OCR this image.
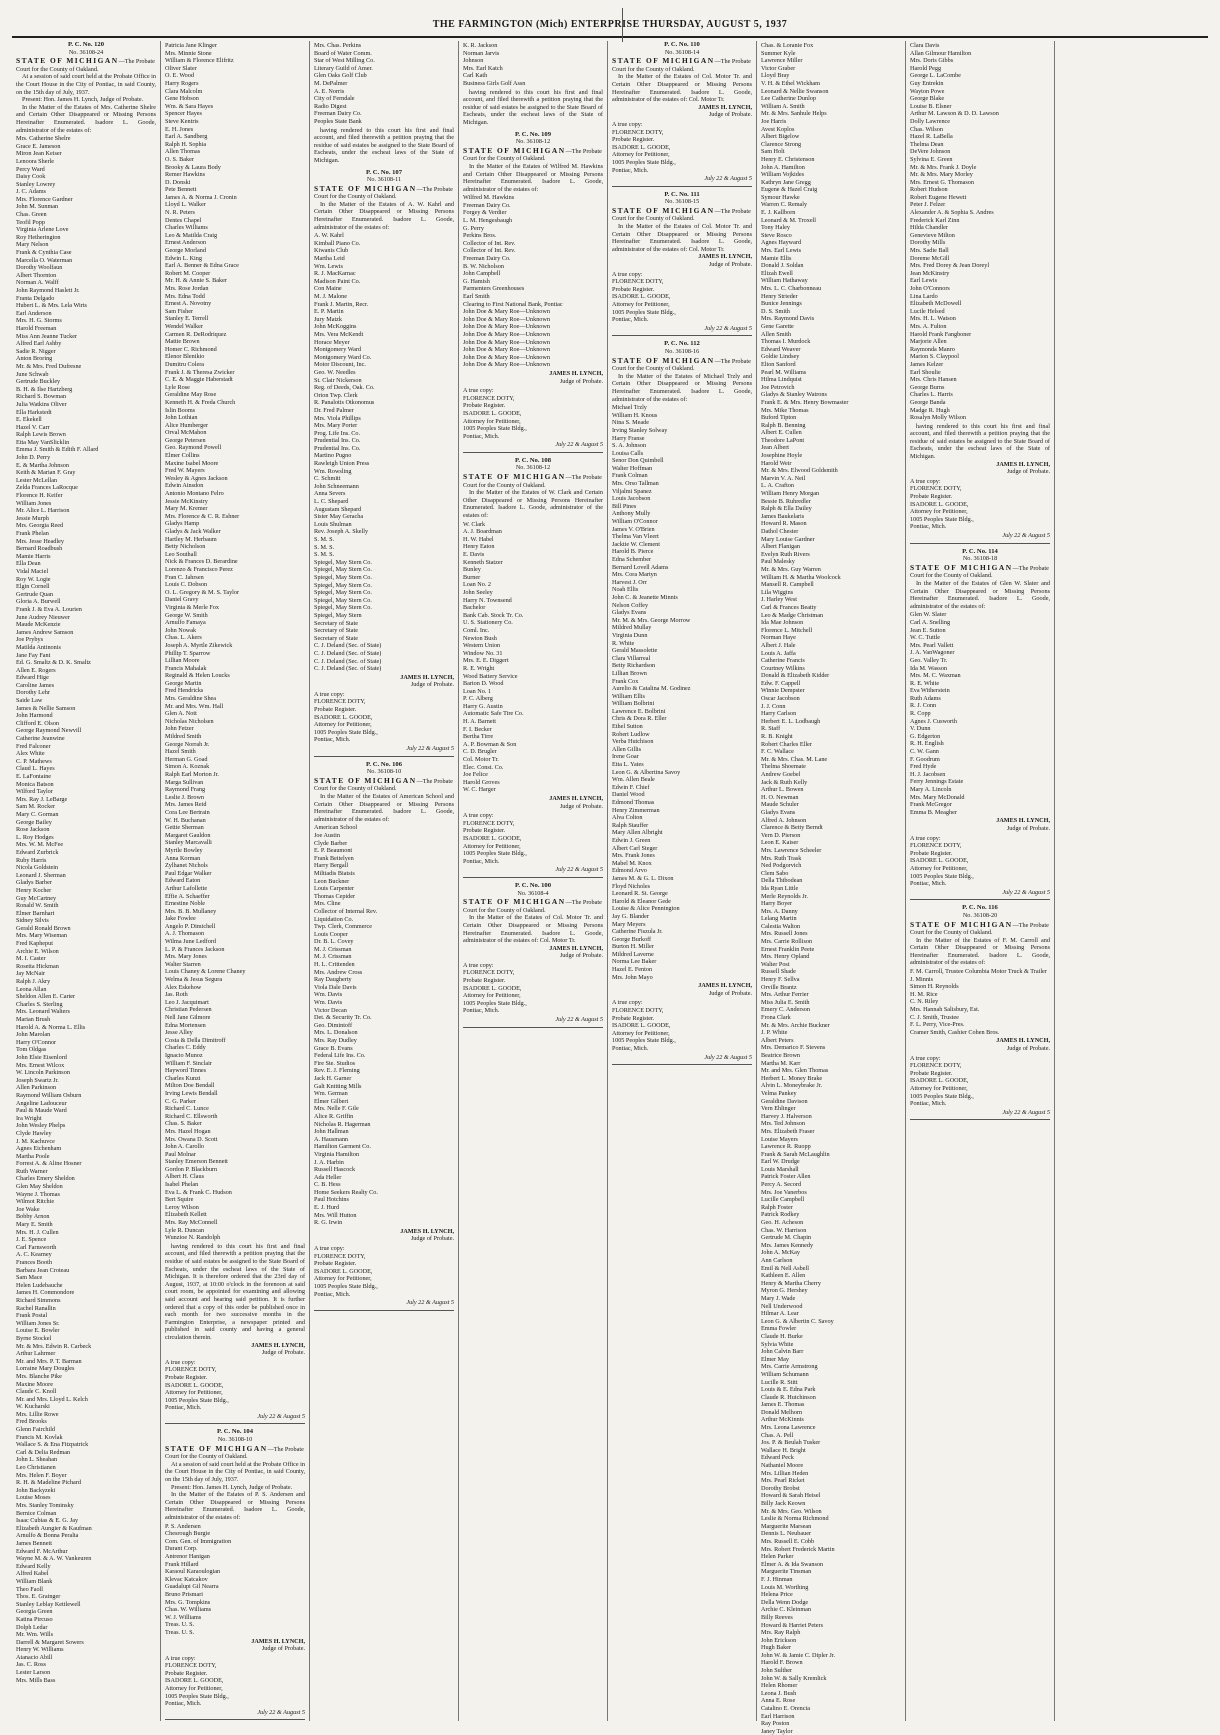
THE FARMINGTON (Mich) ENTERPRISE THURSDAY, AUGUST 5, 1937
P. C. No. 120
No. 36108-24
STATE OF MICHIGAN—The Probate Court for the County of Oakland.
At a session of said court held at the Probate Office in the Court House in the City of Pontiac, in said County, on the 15th day of July, 1937.
Present: Hon. James H. Lynch, Judge of Probate.
In the Matter of the Estates of Mrs. Catherine Shelre and Certain Other Disappeared or Missing Persons Hereinafter Enumerated. Isadore L. Goode, administrator of the estates of:
Mrs. Catherine Shelre
Grace E. Jameson
Miron Jean Keiser
Lenoora Sherle
Percy Ward
Daisy Cook
Stanley Lowrey
J. C. Adams
Mrs. Florence Gardner
John M. Sunman
Chas. Green
Teofil Popp
Virginia Arlene Love
Roy Hetherington
Mary Nelson
Frank & Cynthia Case
Marcella O. Waterman
Dorothy Woolfaun
Albert Thornton
Norman A. Walff
John Raymond Haslett Jr.
Franta Delgado
Hubert L. & Mrs. Lela Wirts
Earl Anderson
Mrs. H. G. Storms
Harold Freeman
Miss Ann Jeanne Tucker
Alfred Earl Ashby
Sadie R. Nigger
Anton Broring
Mr. & Mrs. Fred Dufresne
June Schwab
Gertrude Buckley
B. H. & Ilse Hartzberg
Richard S. Bowman
Julia Watkins Oliver
Ella Harkstedt
E. Ekekell
Hazel V. Carr
Ralph Lewis Brown
Etta May VanSlicklin
Emma J. Smith & Edith F. Allard
John D. Perry
E. & Martha Johnson
Keith & Marian F. Gray
Lester McLellan
Zelda Frances LaRocque
Florence H. Keifer
William Jones
Mr. Alice L. Harrison
Jessie Murph
Mrs. Georgia Reed
Frank Phelan
Mrs. Jesse Headley
Bernard Roadbush
Mamie Harris
Ella Dean
Vidal Maciel
Roy W. Logie
Elgin Cornell
Gertrude Quan
Gloria A. Burwell
Frank J. & Eva A. Lourien
June Audrey Nieuwer
Maude McKenzie
James Andrew Samson
Joe Prybys
Matilda Antinonis
Jane Fay Fant
Ed. G. Smaltz & D. K. Smaltz
Allen E. Rogers
Edward Hige
Caroline James
Dorothy Lehr
Saide Law
James & Nellie Samson
John Harmond
Clifford E. Olson
George Raymond Newvill
Catherine Jeanwine
Fred Falconer
Alex White
C. P. Mathews
Claud L. Hayes
E. LaFontaine
Monica Batson
Wilford Taylor
Mrs. Ray J. LeBarge
Sam M. Rocker
Mary C. Gorman
George Bailey
Rose Jackson
L. Roy Hodges
Mrs. W. M. McFee
Edward Zurbrick
Ruby Harris
Nicola Goldstein
Leonard J. Sherman
Gladys Barber
Henry Kocher
Guy McCartney
Ronald W. Smith
Elmer Barnhart
Sidney Silvis
Gerald Ronald Brown
Mrs. Mary Wiseman
Fred Kapheput
Archie E. Wilson
M. I. Caster
Rosetta Hickman
Jay McNair
Ralph J. Akry
Leona Allan
Sheldon Allen E. Carter
Charles S. Sterling
Mrs. Leonard Walters
Marian Brush
Harold A. & Norma L. Ellis
John Marolan
Harry O'Connor
Tom Oldgas
John Elsie Eisenlord
Mrs. Ernest Wilcox
W. Lincoln Parkinson
Joseph Swartz Jr.
Allen Parkinson
Raymond William Osburn
Angeline Ladouceur
Paul & Maude Ward
Ira Wright
John Wesley Phelps
Clyde Hawley
J. M. Kachuvce
Agnes Eichenham
Martha Poole
Forrest A. & Aline Hosner
Ruth Warner
Charles Emery Sheldon
Glen May Sheldon
Wayne J. Thomas
Wilmot Ritchie
Joe Wake
Bobby Arnon
Mary E. Smith
Mrs. H. J. Cullen
J. E. Spence
Carl Farnsworth
A. C. Kearney
Frances Booth
Barbara Jean Croteau
Sam Mace
Helen Ludebauche
James H. Commondore
Richard Simmons
Rachel Ranallin
Frank Postal
William Jones Sr.
Louise E. Bowler
Byrne Stockel
Mr. & Mrs. Edwin R. Carbeck
Arthur Lahrmer
Mr. and Mrs. P. T. Barman
Lorraine Mary Dougles
Mrs. Blanche Pike
Maxine Moore
Claude C. Knoll
Mr. and Mrs. Lloyd L. Kelch
W. Kucharski
Mrs. Lillie Rowe
Fred Brooks
Glenn Fairchild
Francis M. Kovlak
Wallace S. & Ena Fitzpatrick
Carl & Delia Redman
John L. Sheahan
Leo Christianen
Mrs. Helen F. Boyer
R. H. & Madeline Pichard
John Backyzeki
Louise Moses
Mrs. Stanley Tominsky
Bernice Colman
Isaac Cubias & E. G. Jay
Elizabeth Aungier & Kaufman
Arnulfo & Bonna Peralta
James Bennett
Edward F. McArthur
Wayne M. & A. W. Vankeuren
Edward Kelly
Alfred Kabel
William Blank
Theo Faoll
Thos. E. Grainger
Stanley Leblay Kettlewell
Georgia Green
Katina Pircuso
Dolph Ledar
Mr. Wm. Wills
Darrell & Margaret Sowers
Henry W. Williams
Atanacio Abill
Jas. C. Ross
Lester Larson
Mrs. Mills Bass
Patricia Jane Klinger
Mrs. Minnie Stone
William & Florence Elifritz
Oliver Slater
O. E. Wood
Harry Rogers
Clara Malcolm
Gene Hobson
Wm. & Sara Hayes
Spencer Hayes
Steve Kentris
E. H. Jones
Earl A. Sandberg
Ralph H. Sophia
Allen Thomas
O. S. Baker
Brooky & Laura Body
Remer Hawkins
D. Donski
Pete Bennett
James A. & Norma J. Cronin
Lloyd L. Walker
N. R. Peters
Dentes Chapel
Charles Williams
Leo & Matilda Craig
Ernest Anderson
George Morland
Edwin L. King
Earl A. Benner & Edna Grace
Robert M. Cooper
Mr. H. & Annie S. Baker
Mrs. Rose Jordan
Mrs. Edna Todd
Ernest A. Novotny
Sam Fisher
Stanley E. Terrell
Wendel Walker
Carmen R. DeRodriquez
Mattie Brown
Homer C. Richmond
Elenor Blenikio
Dumitru Colera
Frank J. & Theresa Zwicker
C. E. & Maggie Haberstadt
Lyle Rose
Geraldine May Rose
Kenneth H. & Freda Church
Islin Booms
John Lothian
Alice Humberger
Orval McMahon
George Petersen
Geo. Raymond Powell
Elmer Collins
Maxine Isabel Moore
Fred W. Mayers
Wesley & Agnes Jackson
Edwin Ainsdon
Antonio Montano Felro
Jessie McKinstry
Mary M. Kremer
Mrs. Florence & C. R. Eshner
Gladys Hamp
Gladys & Jack Walker
Hartley M. Herbaum
Betty Nicholson
Leo Southall
Nick & Frances D. Berardine
Lorenzo & Francisco Perez
Fran C. Jahrsen
Louis C. Dobson
O. L. Gregory & M. S. Taylor
Daniel Gravy
Virginia & Merle Fox
George W. Smith
Arnulfo Famaya
John Nowak
Chas. L. Akers
Joseph A. Myrtle Zikewick
Phillip T. Sparrow
Lillian Moore
Francis Mahalak
Reginald & Helen Loucks
George Martin
Fred Hendricks
Mrs. Geraldine Shea
Mr. and Mrs. Wm. Hall
Glen A. Nott
Nicholas Nicholsen
John Fetzer
Mildred Smith
George Norrah Jr.
Hazel Smith
Herman G. Goad
Simon A. Koznak
Ralph Earl Morton Jr.
Marga Sullivan
Raymond Frang
Leslie J. Brown
Mrs. James Reid
Cora Lee Bertrain
W. H. Buchanan
Gettie Sherman
Margaret Gauldon
Stanley Marcavalli
Myrtle Bowley
Anna Korman
Zylhanet Nichols
Paul Edgar Walker
Edward Eaton
Arthur Lafollette
Effie A. Schaeffer
Ernestine Noble
Mrs. B. B. Mullaney
Jake Fowlee
Angelo P. Dimichell
A. J. Thomason
Wilma June Ledford
L. P. & Frances Jackson
Mrs. Mary Jones
Walter Starren
Louis Chaney & Lorene Chaney
Welma & Jesus Segura
Alex Eskehow
Jas. Roth
Leo J. Jacquimart
Christian Pedersen
Nell Jane Gilmore
Edna Mortensen
Jesse Alley
Costa & Della Dimitroff
Charles C. Eddy
Ignacio Munoz
William F. Sinclair
Hayword Tinnes
Charles Kunzi
Milton Doe Bendall
Irving Lewis Bendall
C. G. Parker
Richard C. Lunce
Richard C. Ellsworth
Chas. S. Baker
Mrs. Hazel Hogan
Mrs. Owana D. Scott
John A. Carollo
Paul Molnar
Stanley Emerson Bennett
Gordon P. Blackburn
Albert H. Claus
Isabel Phelan
Eva L. & Frank C. Hudson
Bert Squire
Leroy Wilson
Elizabeth Kellett
Mrs. Ray McConnell
Lyle R. Duncan
Wunzioe N. Randolph
having rendered to this court his first and final account, and filed therewith a petition praying that the residue of said estates be assigned to the State Board of Escheats, under the escheat laws of the State of Michigan. It is therefore ordered that the 23rd day of August, 1937, at 10:00 o'clock in the forenoon at said court room, be appointed for examining and allowing said account and hearing said petition. It is further ordered that a copy of this order be published once in each month for two successive months in the Farmington Enterprise, a newspaper printed and published in said county and having a general circulation therein.
JAMES H. LYNCH,
Judge of Probate.
A true copy:
FLORENCE DOTY,
Probate Register.
ISADORE L. GOODE,
Attorney for Petitioner,
1005 Peoples State Bldg.,
Pontiac, Mich.
July 22 & August 5
P. C. No. 104
No. 36108-10
STATE OF MICHIGAN—The Probate Court for the County of Oakland.
At a session of said court held at the Probate Office in the Court House in the City of Pontiac, in said County, on the 15th day of July, 1937.
Present: Hon. James H. Lynch, Judge of Probate.
In the Matter of the Estates of P. S. Andersen and Certain Other Disappeared or Missing Persons Hereinafter Enumerated. Isadore L. Goode, administrator of the estates of:
P. S. Andersen
Chesrough Burgie
Com. Gen. of Immigration
Durant Corp.
Antrenor Hanigan
Frank Hillard
Karaoul Karaoulogian
Klevac Katcakov
Guadalupi Gil Nearra
Bruno Prismari
Mrs. G. Tompkins
Chas. W. Williams
W. J. Williams
Treas. U. S.
Treas. U. S.
JAMES H. LYNCH,
Judge of Probate.
A true copy:
FLORENCE DOTY,
Probate Register.
ISADORE L. GOODE,
Attorney for Petitioner,
1005 Peoples State Bldg.,
Pontiac, Mich.
July 22 & August 5
Mrs. Chas. Perkins
Board of Water Comm.
Star of West Milling Co.
Literary Guild of Amer.
Glen Oaks Golf Club
M. DePalmer
A. E. Norris
City of Ferndale
Radio Digest
Freeman Dairy Co.
Peoples State Bank
having rendered to this court his first and final account, and filed therewith a petition praying that the residue of said estates be assigned to the State Board of Escheats, under the escheat laws of the State of Michigan.
P. C. No. 107
No. 36108-11
STATE OF MICHIGAN—The Probate Court for the County of Oakland.
In the Matter of the Estates of A. W. Kahrl and Certain Other Disappeared or Missing Persons Hereinafter Enumerated. Isadore L. Goode, administrator of the estates of:
A. W. Kahrl
Kimball Piano Co.
Kiwanis Club
Martha Leid
Wm. Lewis
R. J. MacKarnac
Madison Paint Co.
Con Maine
M. J. Malone
Frank J. Martin, Recr.
E. P. Martin
Jury Matzk
John McKoggins
Mrs. Vera McKendt
Horace Meyer
Montgomery Ward
Montgomery Ward Co.
Motor Discount, Inc.
Geo. W. Needles
St. Clair Nickerson
Reg. of Deeds, Oak. Co.
Orion Twp. Clerk
R. Panalotis Otkonomus
Dr. Fred Palmer
Mrs. Viola Phillips
Mrs. Mary Porter
Prog. Life Ins. Co.
Prudential Ins. Co.
Prudential Ins. Co.
Martino Pugno
Rawleigh Union Press
Wm. Rowsling
C. Schmitt
John Schneemann
Anna Severs
L. C. Shepard
Augustam Shepard
Sister May Geracha
Louis Shulman
Rev. Joseph A. Skelly
S. M. S.
S. M. S.
S. M. S.
Spiegel, May Stern Co.
Spiegel, May Stern Co.
Spiegel, May Stern Co.
Spiegel, May Stern Co.
Spiegel, May Stern Co.
Spiegel, May Stern Co.
Spiegel, May Stern Co.
Spiegel, May Stern
Secretary of State
Secretary of State
Secretary of State
C. J. Deland (Sec. of State)
C. J. Deland (Sec. of State)
C. J. Deland (Sec. of State)
C. J. Deland (Sec. of State)
JAMES H. LYNCH,
Judge of Probate.
A true copy:
FLORENCE DOTY,
Probate Register.
ISADORE L. GOODE,
Attorney for Petitioner,
1005 Peoples State Bldg.,
Pontiac, Mich.
July 22 & August 5
P. C. No. 106
No. 36108-10
STATE OF MICHIGAN—The Probate Court for the County of Oakland.
In the Matter of the Estates of American School and Certain Other Disappeared or Missing Persons Hereinafter Enumerated. Isadore L. Goode, administrator of the estates of:
American School
Joe Austin
Clyde Barber
E. P. Beaumont
Frank Beitelyen
Harry Bergall
Miltiadis Biatsis
Leon Buckner
Louis Carpenter
Thomas Cepider
Mrs. Cline
Collector of Internal Rev.
Liquidation Co.
Twp. Clerk, Commerce
Louis Cooper
Dr. B. L. Covey
M. J. Crissman
M. J. Crissman
H. L. Crittenden
Mrs. Andrew Cross
Ray Daugherty
Viola Dale Davis
Wm. Davis
Wm. Davis
Victor Decan
Det. & Security Tr. Co.
Geo. Dimintoff
Mrs. L. Donalson
Mrs. Ray Dudley
Grace B. Evans
Federal Life Ins. Co.
Fire Ste. Studios
Rev. E. J. Fleming
Jack H. Garner
Galt Knitting Mills
Wm. German
Elmer Gilbert
Mrs. Nelle F. Gile
Alice R. Griffin
Nicholas R. Hagerman
John Hallman
A. Hausmann
Hamilton Garment Co.
Virginia Hamilton
J. A. Harbin
Russell Hascock
Ada Heller
C. B. Hess
Home Seekers Realty Co.
Paul Hotchins
E. J. Hurd
Mrs. Will Hutton
R. G. Irwin
JAMES H. LYNCH,
Judge of Probate.
A true copy:
FLORENCE DOTY,
Probate Register.
ISADORE L. GOODE,
Attorney for Petitioner,
1005 Peoples State Bldg.,
Pontiac, Mich.
July 22 & August 5
K. R. Jackson
Norman Jarvis
Johnson
Mrs. Earl Katch
Carl Kath
Business Girls Golf Assn
having rendered to this court his first and final account, and filed therewith a petition praying that the residue of said estates be assigned to the State Board of Escheats, under the escheat laws of the State of Michigan.
P. C. No. 109
No. 36108-12
STATE OF MICHIGAN—The Probate Court for the County of Oakland.
In the Matter of the Estates of Wilfred M. Hawkins and Certain Other Disappeared or Missing Persons Hereinafter Enumerated. Isadore L. Goode, administrator of the estates of:
Wilfred M. Hawkins
Freeman Dairy Co.
Forgey & Verdier
L. M. Hengesbaugh
G. Perry
Perkins Bros.
Collector of Int. Rev.
Collector of Int. Rev.
Freeman Dairy Co.
B. W. Nicholson
John Campbell
G. Hamish
Parmenters Greenhouses
Earl Smith
Clearing to First National Bank, Pontiac
John Doe & Mary Roe—Unknown
John Doe & Mary Roe—Unknown
John Doe & Mary Roe—Unknown
John Doe & Mary Roe—Unknown
John Doe & Mary Roe—Unknown
John Doe & Mary Roe—Unknown
John Doe & Mary Roe—Unknown
John Doe & Mary Roe—Unknown
JAMES H. LYNCH,
Judge of Probate.
A true copy:
FLORENCE DOTY,
Probate Register.
ISADORE L. GOODE,
Attorney for Petitioner,
1005 Peoples State Bldg.,
Pontiac, Mich.
July 22 & August 5
P. C. No. 108
No. 36108-12
STATE OF MICHIGAN—The Probate Court for the County of Oakland.
In the Matter of the Estates of W. Clark and Certain Other Disappeared or Missing Persons Hereinafter Enumerated. Isadore L. Goode, administrator of the estates of:
W. Clark
A. J. Boardman
H. W. Habel
Henry Eaton
E. Davis
Kenneth Statzer
Bunley
Burner
Loan No. 2
John Seeley
Harry N. Townsend
Bachelor
Bank Cab. Stock Tr. Co.
U. S. Stationery Co.
Coml. Inc.
Newton Bush
Western Union
Window No. 31
Mrs. E. E. Diggert
R. E. Wright
Wood Battery Service
Barton D. Wood
Loan No. 1
P. C. Alberg
Harry G. Austin
Automatic Safe Tire Co.
H. A. Barnett
F. I. Becker
Bertha Tirre
A. P. Bowman & Son
C. D. Brugler
Col. Motor Tr.
Elec. Const. Co.
Joe Felice
Harold Groves
W. C. Harger
JAMES H. LYNCH,
Judge of Probate.
A true copy:
FLORENCE DOTY,
Probate Register.
ISADORE L. GOODE,
Attorney for Petitioner,
1005 Peoples State Bldg.,
Pontiac, Mich.
July 22 & August 5
P. C. No. 100
No. 36108-4
STATE OF MICHIGAN—The Probate Court for the County of Oakland.
In the Matter of the Estates of Col. Motor Tr. and Certain Other Disappeared or Missing Persons Hereinafter Enumerated. Isadore L. Goode, administrator of the estates of: Col. Motor Tr.
JAMES H. LYNCH,
Judge of Probate.
A true copy:
FLORENCE DOTY,
Probate Register.
ISADORE L. GOODE,
Attorney for Petitioner,
1005 Peoples State Bldg.,
Pontiac, Mich.
July 22 & August 5
P. C. No. 110
No. 36108-14
STATE OF MICHIGAN—The Probate Court for the County of Oakland.
In the Matter of the Estates of Col. Motor Tr. and Certain Other Disappeared or Missing Persons Hereinafter Enumerated. Isadore L. Goode, administrator of the estates of: Col. Motor Tr.
JAMES H. LYNCH,
Judge of Probate.
A true copy:
FLORENCE DOTY,
Probate Register.
ISADORE L. GOODE,
Attorney for Petitioner,
1005 Peoples State Bldg.,
Pontiac, Mich.
July 22 & August 5
P. C. No. 111
No. 36108-15
STATE OF MICHIGAN—The Probate Court for the County of Oakland.
In the Matter of the Estates of Col. Motor Tr. and Certain Other Disappeared or Missing Persons Hereinafter Enumerated. Isadore L. Goode, administrator of the estates of: Col. Motor Tr.
JAMES H. LYNCH,
Judge of Probate.
A true copy:
FLORENCE DOTY,
Probate Register.
ISADORE L. GOODE,
Attorney for Petitioner,
1005 Peoples State Bldg.,
Pontiac, Mich.
July 22 & August 5
P. C. No. 112
No. 36108-16
STATE OF MICHIGAN—The Probate Court for the County of Oakland.
In the Matter of the Estates of Michael Trzly and Certain Other Disappeared or Missing Persons Hereinafter Enumerated. Isadore L. Goode, administrator of the estates of:
Michael Trzly
William H. Knous
Nina S. Meade
Irving Stanley Solway
Harry Franse
S. A. Johnson
Louisa Calls
Senor Don Quimbell
Walter Hoffman
Frank Colman
Mrs. Orso Tallman
Viljalmi Spanez
Louis Jacobson
Bill Pines
Anthony Mully
William O'Connor
James V. O'Brien
Thelma Van Vleert
Jacktie W. Clement
Harold B. Pierce
Edna Schember
Bernard Lovell Adams
Mrs. Cora Martyn
Harvest J. Orr
Noah Ellis
John C. & Jeanette Minnis
Nelson Coffey
Gladys Evans
Mr. M. & Mrs. George Morrow
Mildred Mullay
Virginia Dunn
R. White
Gerald Massolette
Clara Villarreal
Betty Richardson
Lillian Brown
Frank Cox
Aurelio & Catalina M. Godinez
William Ellis
William Bolbrini
Lawrence E. Bolbrini
Chris & Dora R. Eller
Ethel Sutton
Robert Ludlow
Verba Hutchison
Allen Gillis
Irene Goar
Etta L. Yates
Leon G. & Albertina Savoy
Wm. Allen Beale
Edwin F. Chief
Daniel Wood
Edmond Thomas
Henry Zimmerman
Alva Colton
Ralph Stauffer
Mary Allen Albright
Edwin J. Green
Albert Carl Steger
Mrs. Frank Jones
Mabel M. Knox
Edmond Arvo
James M. & G. L. Dixon
Floyd Nicholes
Leonard R. St. George
Harold & Eleanor Gede
Louise & Alice Pennington
Jay G. Blander
Mary Meyers
Catherine Fiszula Jr.
George Burkoff
Burton H. Miller
Mildred Laverne
Norma Lee Baker
Hazel E. Fenton
Mrs. John Mayo
JAMES H. LYNCH,
Judge of Probate.
A true copy:
FLORENCE DOTY,
Probate Register.
ISADORE L. GOODE,
Attorney for Petitioner,
1005 Peoples State Bldg.,
Pontiac, Mich.
July 22 & August 5
Chas. & Loranie Fox
Summer Kyle
Lawrence Miller
Victor Graber
Lloyd Bray
V. H. & Ethel Wickham
Leonard & Nellie Swanson
Lee Catherine Dunlop
William A. Smith
Mr. & Mrs. Sanhule Helps
Joe Harris
Avest Koplos
Albert Bigelow
Clarence Strong
Sam Holt
Henry E. Christenson
John A. Hamilton
William Vojkides
Kathryn Jane Gregg
Eugene & Hazel Craig
Symour Hawke
Warren C. Remaly
E. J. Kallborn
Leonard & M. Troxell
Tony Haley
Steve Rosco
Agnes Hayward
Mrs. Earl Lewis
Mamie Ellis
Donald J. Soldan
Elizah Ewell
William Hathaway
Mrs. L. C. Charbonneau
Henry Strieder
Bunice Jennings
D. S. Smith
Mrs. Raymond Davis
Gene Garette
Allen Smith
Thomas I. Murdock
Edward Weaver
Goldie Lindsey
Elton Sanford
Pearl M. Williams
Hilma Lindquist
Joe Petrovich
Gladys & Stanley Watrons
Frank E. & Mrs. Henry Bowmaster
Mrs. Mike Thomas
Buford Tipton
Ralph B. Benning
Albert E. Cullen
Theodore LaPont
Jean Albert
Josephine Hoyle
Harold Weir
Mr. & Mrs. Elwood Goldsmith
Marvin V. A. Neil
L. A. Crafton
William Henry Morgan
Bessie B. Ruhredler
Ralph & Ella Dailey
James Baukelaris
Howard R. Mason
Dathol Chester
Mary Louise Gardner
Albert Flanigan
Evelyn Ruth Rivers
Paul Malesky
Mr. & Mrs. Guy Warren
William H. & Martha Woolcock
Mansell R. Campbell
Lila Wiggins
J. Harley West
Carl & Frances Beatty
Leo & Madge Christman
Ida Mae Johnson
Florence L. Mitchell
Norman Haye
Albert J. Hale
Louis A. Jaffa
Catherine Francis
Courtney Wilkins
Donald & Elizabeth Kidder
Edw. F. Cappell
Winnie Dempster
Oscar Jacobson
J. J. Conn
Harry Carlson
Herbert E. L. Lodbaugh
R. Staff
R. B. Knight
Robert Charles Eller
F. C. Wallace
Mr. & Mrs. Chas. M. Lane
Thelma Shoemate
Andrew Goebel
Jack & Ruth Kelly
Arthur L. Bowen
H. O. Newman
Maude Schuler
Gladys Evans
Alfred A. Johnson
Clarence & Betty Berndt
Vern D. Pierson
Leon E. Kaiser
Mrs. Lawrence Scheeler
Mrs. Ruth Trask
Ned Podgorvich
Clem Sabo
Della Thibodean
Ida Ryan Little
Merle Reynolds Jr.
Harry Boyer
Mrs. A. Danny
Lelang Martin
Calestia Walton
Mrs. Russell Jones
Mrs. Carrie Rollison
Ernest Franklin Peete
Mrs. Henry Opland
Walter Post
Russell Shade
Henry F. Sellva
Orville Brantz
Mrs. Arthur Ferrier
Miss Julia E. Smith
Emery C. Anderson
Frona Clark
Mr. & Mrs. Archie Buckner
J. P. White
Albert Peters
Mrs. Demarico F. Stevens
Beatrice Brown
Martha M. Karr
Mr. and Mrs. Glen Thomas
Herbert L. Money Brake
Alvin L. Moneybrake Jr.
Velma Pankey
Geraldine Davison
Vern Ehlinger
Harvey J. Halverson
Mrs. Ted Johnson
Mrs. Elizabeth Fraser
Louise Mayers
Lawrence R. Ruopp
Frank & Sarah McLaughlin
Earl W. Drudge
Louis Marshall
Patrick Foster Allen
Percy A. Secord
Mrs. Joe Vanerbos
Lucille Campbell
Ralph Foster
Patrick Rodkey
Geo. H. Acheson
Chas. W. Harrison
Gertrude M. Chapin
Mrs. James Kennedy
John A. McKay
Ann Carlson
Emil & Nell Asbell
Kathleen E. Allen
Henry & Martha Cherry
Myron G. Hershey
Mary J. Wade
Nell Underwood
Hilmar A. Lear
Leon G. & Albertin C. Savoy
Emma Fowler
Claude H. Burke
Sylvia White
John Calvin Barr
Elmer May
Mrs. Carrie Armstrong
William Schumann
Lucille R. Stitt
Louis & E. Edna Park
Claude R. Hutchinson
James E. Thomas
Donald Melhorn
Arthur McKinnis
Mrs. Leona Lawrence
Chas. A. Pell
Jos. P. & Beulah Tusker
Wallace H. Bright
Edward Peck
Nathaniel Moore
Mrs. Lillian Heden
Mrs. Pearl Ricket
Dorothy Brobst
Howard & Sarah Heisel
Billy Jack Keown
Mr. & Mrs. Geo. Wilson
Leslie & Norma Richmond
Marguerite Marsean
Dennis L. Neubauer
Mrs. Russell E. Cobb
Mrs. Robert Frederick Martin
Helen Parker
Elmer A. & Ida Swanson
Marguerite Tinsman
F. J. Hinman
Louis M. Worthing
Helena Price
Della Wenn Dodge
Archie C. Kleinman
Billy Reeves
Howard & Harriet Peters
Mrs. Ray Ralph
John Erickson
Hugh Baker
John W. & Jamie C. Dipler Jr.
Harold F. Brown
John Sulther
John W. & Sally Kremlick
Helen Rhomer
Leona J. Bush
Anna E. Rose
Catalino E. Orencia
Earl Harrison
Ray Poston
Janey Taylor
Clara Davis
Allan Gilmour Hamilton
Mrs. Doris Gibbs
Harold Pegg
George L. LaCombe
Guy Entrekin
Wayton Powe
George Blake
Louise B. Elsner
Arthur M. Lawson & D. D. Lawson
Dolly Lawrence
Chas. Wilson
Hazel R. LaBella
Thelma Dean
DeVere Johnson
Sylvina E. Green
Mr. & Mrs. Frank J. Doyle
Mr. & Mrs. Mary Morley
Mrs. Ernest G. Thomason
Robert Hudson
Robert Eugene Hewett
Peter J. Felzer
Alexander A. & Sophia S. Andres
Frederick Karl Zinn
Hilda Chandler
Genevieve Milton
Dorothy Mills
Mrs. Sadie Ball
Doreme McGill
Mrs. Fred Dorey & Jean Doreyl
Jean McKinstry
Earl Lewis
John O'Connors
Lina Lardo
Elizabeth McDowell
Lucile Helsed
Mrs. H. L. Watson
Mrs. A. Fulton
Harold Frank Fangboner
Marjorie Allen
Raymonda Manro
Marion S. Claypool
James Kelzer
Earl Shoulie
Mrs. Chris Hansen
George Burns
Charles L. Harris
George Banda
Madge R. Hugh
Rosalyn Molly Wilson
having rendered to this court his first and final account, and filed therewith a petition praying that the residue of said estates be assigned to the State Board of Escheats, under the escheat laws of the State of Michigan.
JAMES H. LYNCH,
Judge of Probate.
A true copy:
FLORENCE DOTY,
Probate Register.
ISADORE L. GOODE,
Attorney for Petitioner,
1005 Peoples State Bldg.,
Pontiac, Mich.
July 22 & August 5
P. C. No. 114
No. 36108-18
STATE OF MICHIGAN—The Probate Court for the County of Oakland.
In the Matter of the Estates of Glen W. Slater and Certain Other Disappeared or Missing Persons Hereinafter Enumerated. Isadore L. Goode, administrator of the estates of:
Glen W. Slater
Carl A. Snelling
Jean E. Sutton
W. C. Tuttle
Mrs. Pearl Vallett
J. A. VanWagoner
Geo. Valley Tr.
Ida M. Wasson
Mrs. M. C. Waxman
R. E. White
Eva Witherstein
Ruth Adams
R. J. Conn
R. Copp
Agnes J. Cusworth
V. Dunn
G. Edgerton
R. H. English
C. W. Gann
F. Goodrum
Fred Hyde
H. J. Jacobsen
Ferry Jennings Estate
Mary A. Lincoln
Mrs. Mary McDonald
Frank McGregor
Emma B. Meagher
JAMES H. LYNCH,
Judge of Probate.
A true copy:
FLORENCE DOTY,
Probate Register.
ISADORE L. GOODE,
Attorney for Petitioner,
1005 Peoples State Bldg.,
Pontiac, Mich.
July 22 & August 5
P. C. No. 116
No. 36108-20
STATE OF MICHIGAN—The Probate Court for the County of Oakland.
In the Matter of the Estates of F. M. Carroll and Certain Other Disappeared or Missing Persons Hereinafter Enumerated. Isadore L. Goode, administrator of the estates of:
F. M. Carroll, Trustee Columbia Motor Truck & Trailer
J. Minnis
Simon H. Reynolds
H. M. Rice
C. N. Riley
Mrs. Hannah Salisbury, Est.
C. J. Smith, Trustee
F. L. Perry, Vice-Pres.
Cramer Smith, Cashier Cohen Bros.
JAMES H. LYNCH,
Judge of Probate.
A true copy:
FLORENCE DOTY,
Probate Register.
ISADORE L. GOODE,
Attorney for Petitioner,
1005 Peoples State Bldg.,
Pontiac, Mich.
July 22 & August 5
